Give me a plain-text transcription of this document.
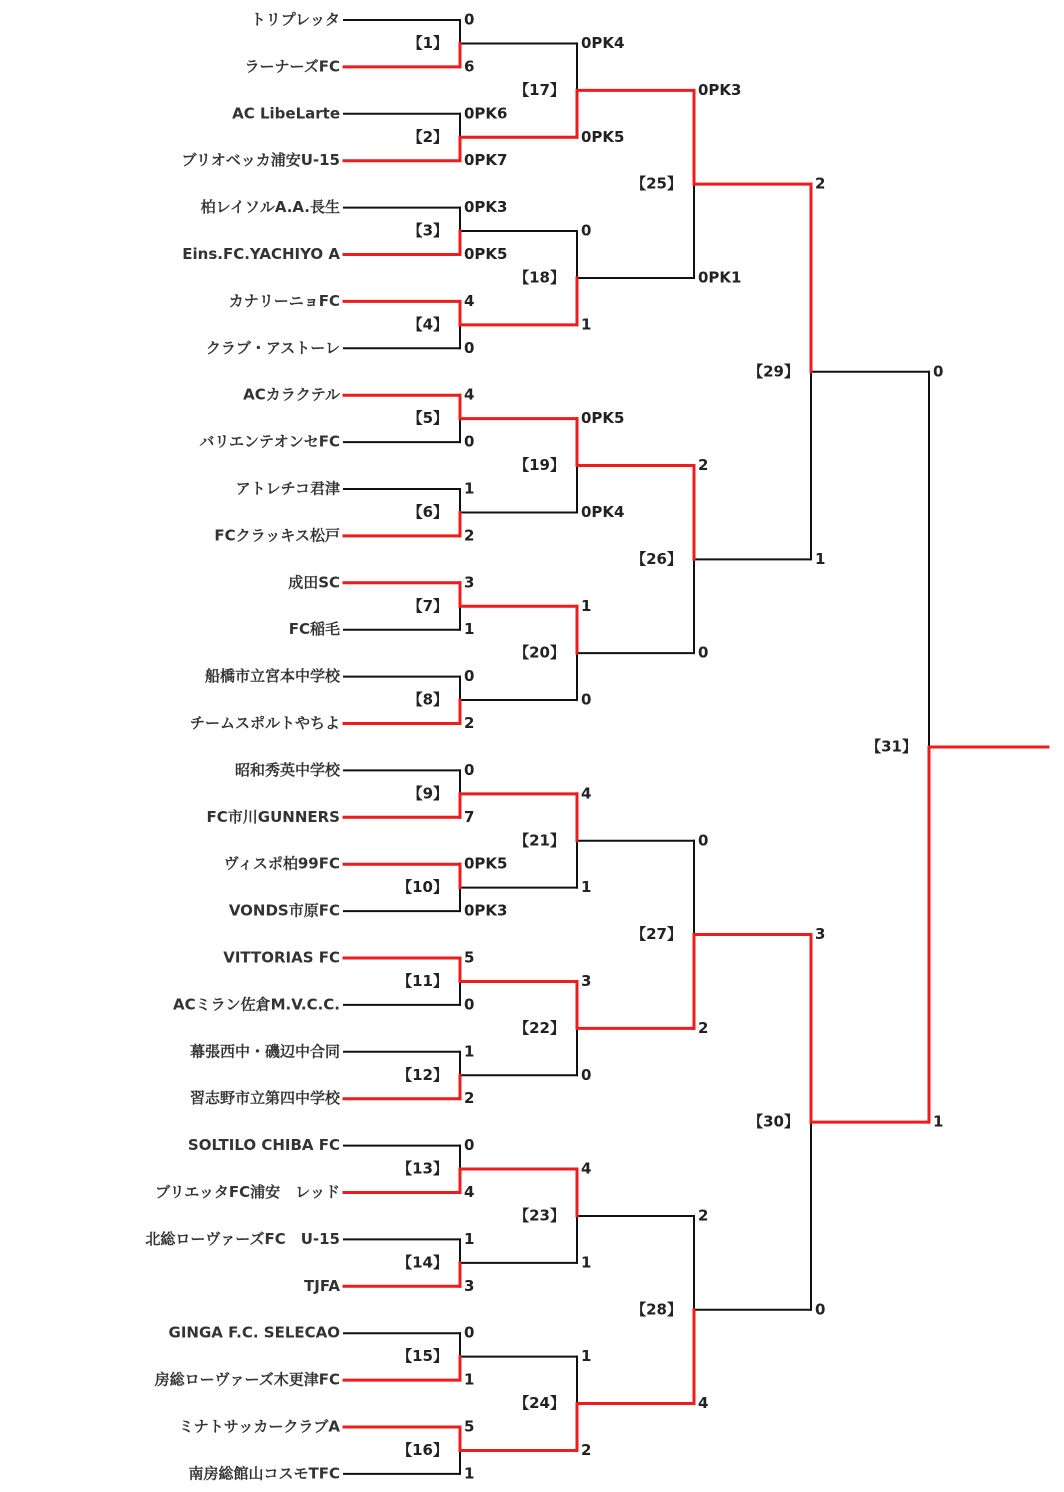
トリプレッタ
ラーナーズFC
AC LibeLarte
ブリオベッカ浦安U-15
柏レイソルA.A.長生
Eins.FC.YACHIYO A
カナリーニョFC
クラブ・アストーレ
ACカラクテル
バリエンテオンセFC
アトレチコ君津
FCクラッキス松戸
成田SC
FC稲毛
船橋市立宮本中学校
チームスポルトやちよ
昭和秀英中学校
FC市川GUNNERS
ヴィスポ柏99FC
VONDS市原FC
VITTORIAS FC
ACミラン佐倉M.V.C.C.
幕張西中・磯辺中合同
習志野市立第四中学校
SOLTILO CHIBA FC
ブリエッタFC浦安　レッド
北総ローヴァーズFC　U-15
TJFA
GINGA F.C. SELECAO
房総ローヴァーズ木更津FC
ミナトサッカークラブA
南房総館山コスモTFC
0
6
【1】
0PK6
0PK7
【2】
0PK3
0PK5
【3】
4
0
【4】
4
0
【5】
1
2
【6】
3
1
【7】
0
2
【8】
0
7
【9】
0PK5
0PK3
【10】
5
0
【11】
1
2
【12】
0
4
【13】
1
3
【14】
0
1
【15】
5
1
【16】
0PK4
0PK5
【17】
0
1
【18】
0PK5
0PK4
【19】
1
0
【20】
4
1
【21】
3
0
【22】
4
1
【23】
1
2
【24】
0PK3
0PK1
【25】
2
0
【26】
0
2
【27】
2
4
【28】
2
1
【29】
3
0
【30】
0
1
【31】
